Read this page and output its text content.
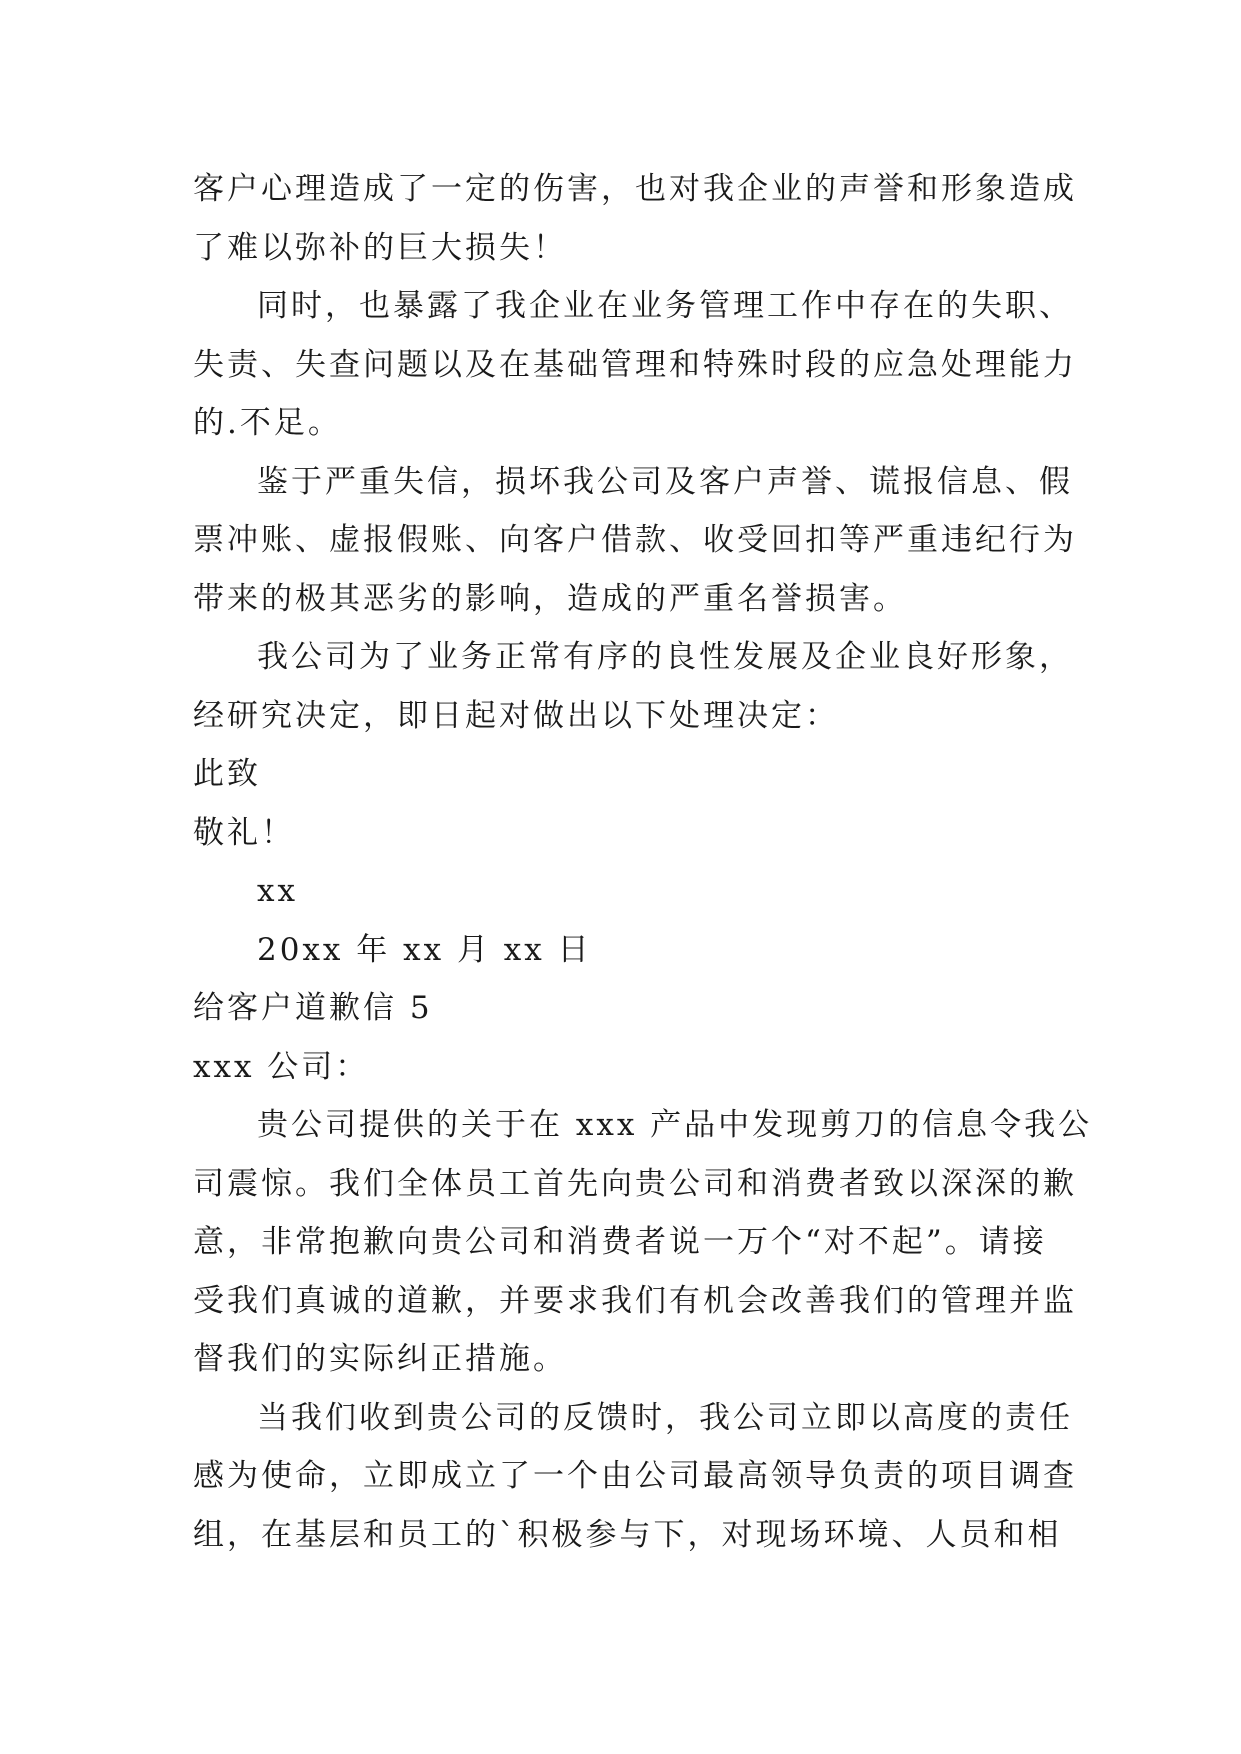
客户心理造成了一定的伤害，也对我企业的声誉和形象造成
了难以弥补的巨大损失！
同时，也暴露了我企业在业务管理工作中存在的失职、
失责、失查问题以及在基础管理和特殊时段的应急处理能力
的.不足。
鉴于严重失信，损坏我公司及客户声誉、谎报信息、假
票冲账、虚报假账、向客户借款、收受回扣等严重违纪行为
带来的极其恶劣的影响，造成的严重名誉损害。
我公司为了业务正常有序的良性发展及企业良好形象，
经研究决定，即日起对做出以下处理决定：
此致
敬礼！
xx
20xx 年 xx 月 xx 日
给客户道歉信 5
xxx 公司：
贵公司提供的关于在 xxx 产品中发现剪刀的信息令我公
司震惊。我们全体员工首先向贵公司和消费者致以深深的歉
意，非常抱歉向贵公司和消费者说一万个“对不起”。请接
受我们真诚的道歉，并要求我们有机会改善我们的管理并监
督我们的实际纠正措施。
当我们收到贵公司的反馈时，我公司立即以高度的责任
感为使命，立即成立了一个由公司最高领导负责的项目调查
组，在基层和员工的`积极参与下，对现场环境、人员和相
